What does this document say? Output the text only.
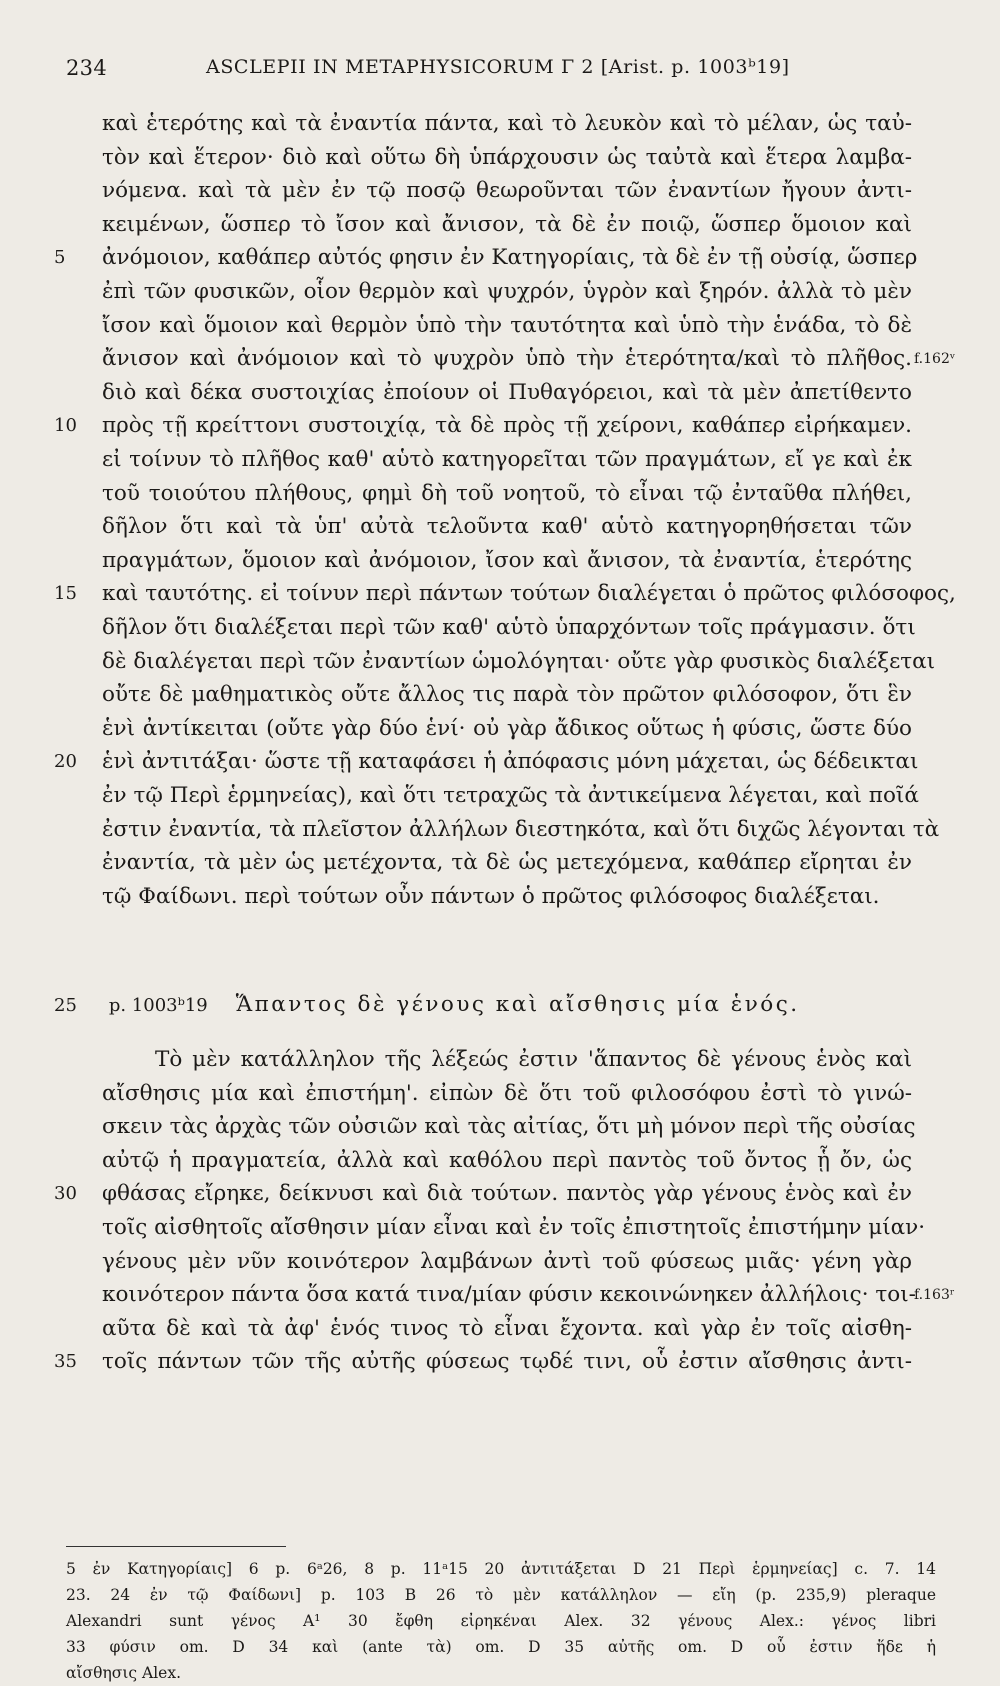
234	ASCLEPII IN METAPHYSICORUM Γ 2 [Arist. p. 1003ᵇ19]
καὶ ἑτερότης καὶ τὰ ἐναντία πάντα, καὶ τὸ λευκὸν καὶ τὸ μέλαν, ὡς ταὐ-
τὸν καὶ ἕτερον· διὸ καὶ οὕτω δὴ ὑπάρχουσιν ὡς ταὐτὰ καὶ ἕτερα λαμβα-
νόμενα. καὶ τὰ μὲν ἐν τῷ ποσῷ θεωροῦνται τῶν ἐναντίων ἤγουν ἀντι-
κειμένων, ὥσπερ τὸ ἴσον καὶ ἄνισον, τὰ δὲ ἐν ποιῷ, ὥσπερ ὅμοιον καὶ
ἀνόμοιον, καθάπερ αὐτός φησιν ἐν Κατηγορίαις, τὰ δὲ ἐν τῇ οὐσίᾳ, ὥσπερ
5
ἐπὶ τῶν φυσικῶν, οἷον θερμὸν καὶ ψυχρόν, ὑγρὸν καὶ ξηρόν. ἀλλὰ τὸ μὲν
ἴσον καὶ ὅμοιον καὶ θερμὸν ὑπὸ τὴν ταυτότητα καὶ ὑπὸ τὴν ἑνάδα, τὸ δὲ
ἄνισον καὶ ἀνόμοιον καὶ τὸ ψυχρὸν ὑπὸ τὴν ἑτερότητα/καὶ τὸ πλῆθος. f.162ᵛ
διὸ καὶ δέκα συστοιχίας ἐποίουν οἱ Πυθαγόρειοι, καὶ τὰ μὲν ἀπετίθεντο
πρὸς τῇ κρείττονι συστοιχίᾳ, τὰ δὲ πρὸς τῇ χείρονι, καθάπερ εἰρήκαμεν.
10
εἰ τοίνυν τὸ πλῆθος καθ' αὑτὸ κατηγορεῖται τῶν πραγμάτων, εἴ γε καὶ ἐκ
τοῦ τοιούτου πλήθους, φημὶ δὴ τοῦ νοητοῦ, τὸ εἶναι τῷ ἐνταῦθα πλήθει,
δῆλον ὅτι καὶ τὰ ὑπ' αὐτὰ τελοῦντα καθ' αὑτὸ κατηγορηθήσεται τῶν
πραγμάτων, ὅμοιον καὶ ἀνόμοιον, ἴσον καὶ ἄνισον, τὰ ἐναντία, ἑτερότης
καὶ ταυτότης. εἰ τοίνυν περὶ πάντων τούτων διαλέγεται ὁ πρῶτος φιλόσοφος,
15
δῆλον ὅτι διαλέξεται περὶ τῶν καθ' αὑτὸ ὑπαρχόντων τοῖς πράγμασιν. ὅτι
δὲ διαλέγεται περὶ τῶν ἐναντίων ὡμολόγηται· οὔτε γὰρ φυσικὸς διαλέξεται
οὔτε δὲ μαθηματικὸς οὔτε ἄλλος τις παρὰ τὸν πρῶτον φιλόσοφον, ὅτι ἓν
ἑνὶ ἀντίκειται (οὔτε γὰρ δύο ἑνί· οὐ γὰρ ἄδικος οὕτως ἡ φύσις, ὥστε δύο
ἑνὶ ἀντιτάξαι· ὥστε τῇ καταφάσει ἡ ἀπόφασις μόνη μάχεται, ὡς δέδεικται
20
ἐν τῷ Περὶ ἑρμηνείας), καὶ ὅτι τετραχῶς τὰ ἀντικείμενα λέγεται, καὶ ποῖά
ἐστιν ἐναντία, τὰ πλεῖστον ἀλλήλων διεστηκότα, καὶ ὅτι διχῶς λέγονται τὰ
ἐναντία, τὰ μὲν ὡς μετέχοντα, τὰ δὲ ὡς μετεχόμενα, καθάπερ εἴρηται ἐν
τῷ Φαίδωνι. περὶ τούτων οὖν πάντων ὁ πρῶτος φιλόσοφος διαλέξεται.
25 p. 1003ᵇ19 Ἅπαντος δὲ γένους καὶ αἴσθησις μία ἑνός.
Τὸ μὲν κατάλληλον τῆς λέξεώς ἐστιν 'ἅπαντος δὲ γένους ἑνὸς καὶ
αἴσθησις μία καὶ ἐπιστήμη'. εἰπὼν δὲ ὅτι τοῦ φιλοσόφου ἐστὶ τὸ γινώ-
σκειν τὰς ἀρχὰς τῶν οὐσιῶν καὶ τὰς αἰτίας, ὅτι μὴ μόνον περὶ τῆς οὐσίας
αὐτῷ ἡ πραγματεία, ἀλλὰ καὶ καθόλου περὶ παντὸς τοῦ ὄντος ᾗ ὄν, ὡς
φθάσας εἴρηκε, δείκνυσι καὶ διὰ τούτων. παντὸς γὰρ γένους ἑνὸς καὶ ἐν
30
τοῖς αἰσθητοῖς αἴσθησιν μίαν εἶναι καὶ ἐν τοῖς ἐπιστητοῖς ἐπιστήμην μίαν·
γένους μὲν νῦν κοινότερον λαμβάνων ἀντὶ τοῦ φύσεως μιᾶς· γένη γὰρ
κοινότερον πάντα ὅσα κατά τινα/μίαν φύσιν κεκοινώνηκεν ἀλλήλοις· τοι-
f.163ʳ
αῦτα δὲ καὶ τὰ ἀφ' ἑνός τινος τὸ εἶναι ἔχοντα. καὶ γὰρ ἐν τοῖς αἰσθη-
τοῖς πάντων τῶν τῆς αὐτῆς φύσεως τῳδέ τινι, οὗ ἐστιν αἴσθησις ἀντι-
35
5 ἐν Κατηγορίαις] 6 p. 6ᵃ26, 8 p. 11ᵃ15 20 ἀντιτάξεται D 21 Περὶ ἑρμηνείας] c. 7. 14
23. 24 ἐν τῷ Φαίδωνι] p. 103 B 26 τὸ μὲν κατάλληλον — εἴη (p. 235,9) pleraque
Alexandri sunt γένος A¹ 30 ἔφθη εἰρηκέναι Alex. 32 γένους Alex.: γένος libri
33 φύσιν om. D 34 καὶ (ante τὰ) om. D 35 αὐτῆς om. D οὗ ἐστιν ἥδε ἡ
αἴσθησις Alex.
